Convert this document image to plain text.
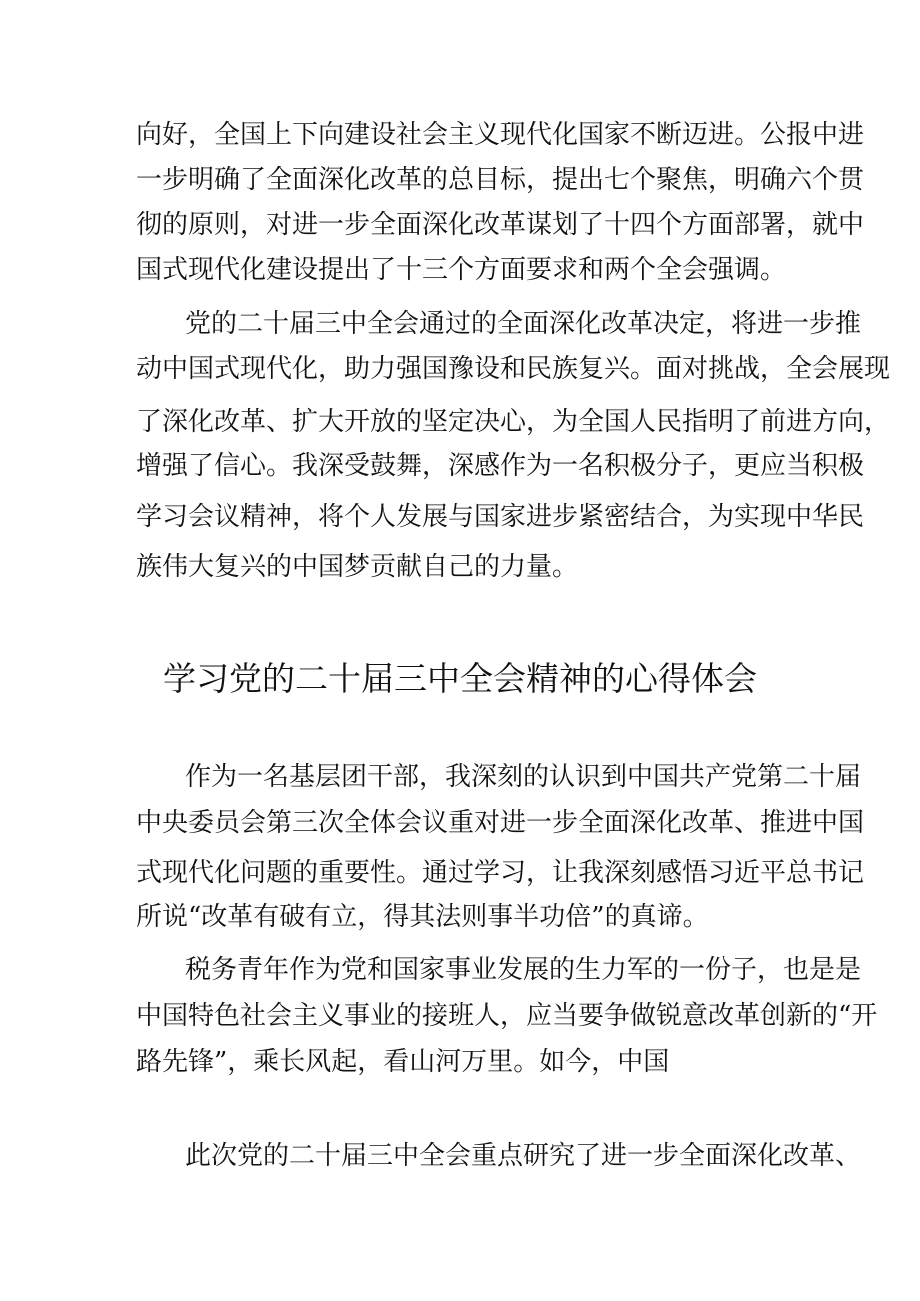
向好，全国上下向建设社会主义现代化国家不断迈进。公报中进
一步明确了全面深化改革的总目标，提出七个聚焦，明确六个贯
彻的原则，对进一步全面深化改革谋划了十四个方面部署，就中
国式现代化建设提出了十三个方面要求和两个全会强调。
党的二十届三中全会通过的全面深化改革决定，将进一步推
动中国式现代化，助力强国豫设和民族复兴。面对挑战，全会展现
了深化改革、扩大开放的坚定决心，为全国人民指明了前进方向，
增强了信心。我深受鼓舞，深感作为一名积极分子，更应当积极
学习会议精神，将个人发展与国家进步紧密结合，为实现中华民
族伟大复兴的中国梦贡献自己的力量。
学习党的二十届三中全会精神的心得体会
作为一名基层团干部，我深刻的认识到中国共产党第二十届
中央委员会第三次全体会议重对进一步全面深化改革、推进中国
式现代化问题的重要性。通过学习，让我深刻感悟习近平总书记
所说“改革有破有立，得其法则事半功倍”的真谛。
税务青年作为党和国家事业发展的生力军的一份子，也是是
中国特色社会主义事业的接班人，应当要争做锐意改革创新的“开
路先锋”，乘长风起，看山河万里。如今，中国
此次党的二十届三中全会重点研究了进一步全面深化改革、
